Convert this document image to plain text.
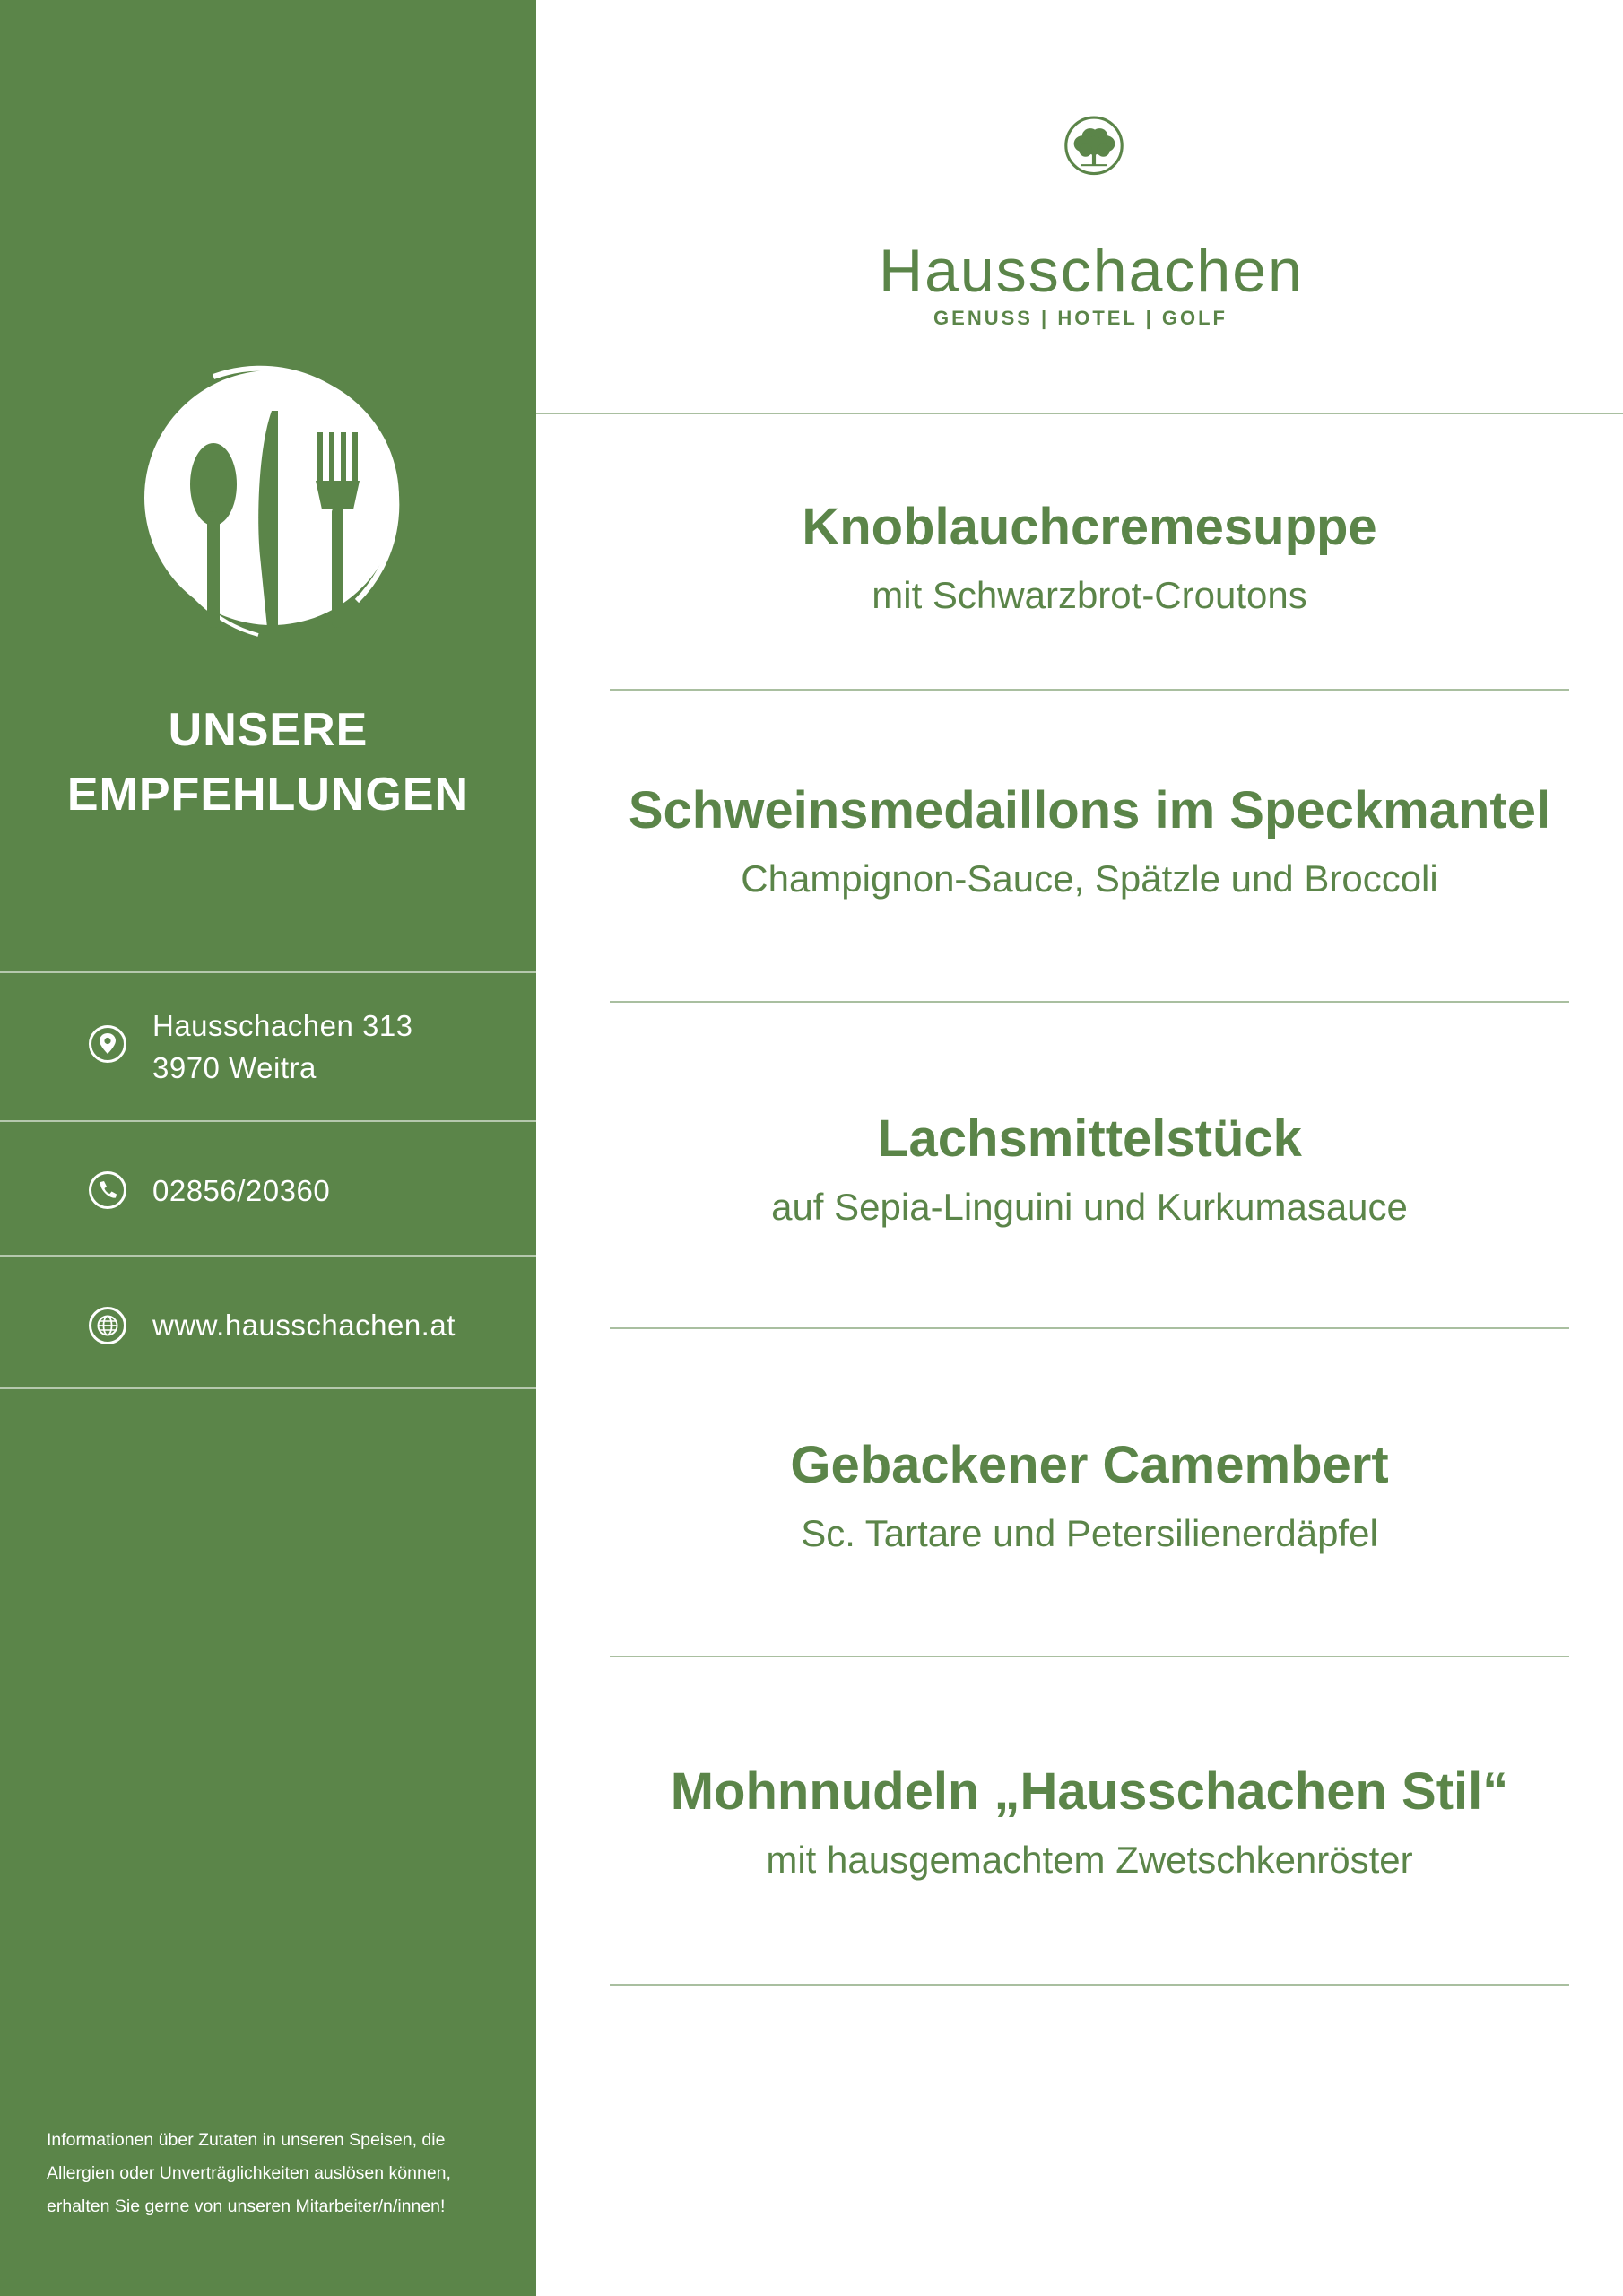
UNSERE
EMPFEHLUNGEN
Hausschachen 313
3970 Weitra
02856/20360
www.hausschachen.at
Informationen über Zutaten in unseren Speisen, die Allergien oder Unverträglichkeiten auslösen können, erhalten Sie gerne von unseren Mitarbeiter/n/innen!
Hausschachen
GENUSS | HOTEL | GOLF
Knoblauchcremesuppe
mit Schwarzbrot-Croutons
Schweinsmedaillons im Speckmantel
Champignon-Sauce, Spätzle und Broccoli
Lachsmittelstück
auf Sepia-Linguini und Kurkumasauce
Gebackener Camembert
Sc. Tartare und Petersilienerdäpfel
Mohnnudeln „Hausschachen Stil“
mit hausgemachtem Zwetschkenröster
